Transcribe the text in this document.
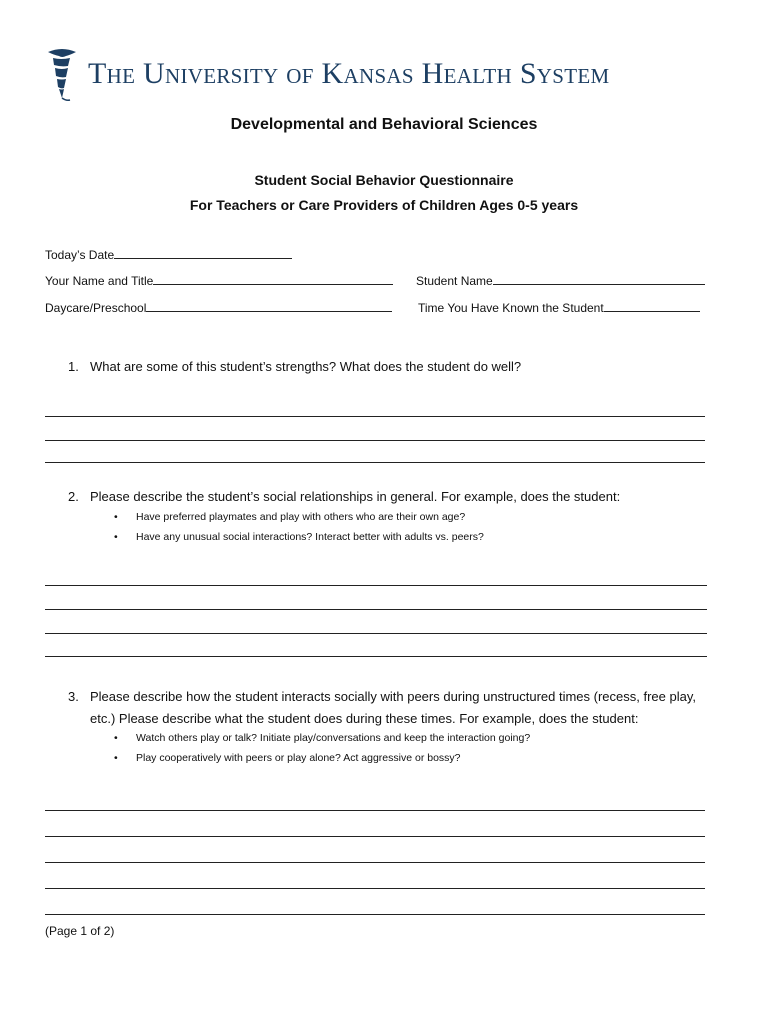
The University of Kansas Health System
Developmental and Behavioral Sciences
Student Social Behavior Questionnaire
For Teachers or Care Providers of Children Ages 0-5 years
Today’s Date
Your Name and Title	Student Name
Daycare/Preschool	Time You Have Known the Student
1. What are some of this student’s strengths? What does the student do well?
2. Please describe the student’s social relationships in general. For example, does the student:
• Have preferred playmates and play with others who are their own age?
• Have any unusual social interactions? Interact better with adults vs. peers?
3. Please describe how the student interacts socially with peers during unstructured times (recess, free play, etc.) Please describe what the student does during these times. For example, does the student:
• Watch others play or talk? Initiate play/conversations and keep the interaction going?
• Play cooperatively with peers or play alone? Act aggressive or bossy?
(Page 1 of 2)
